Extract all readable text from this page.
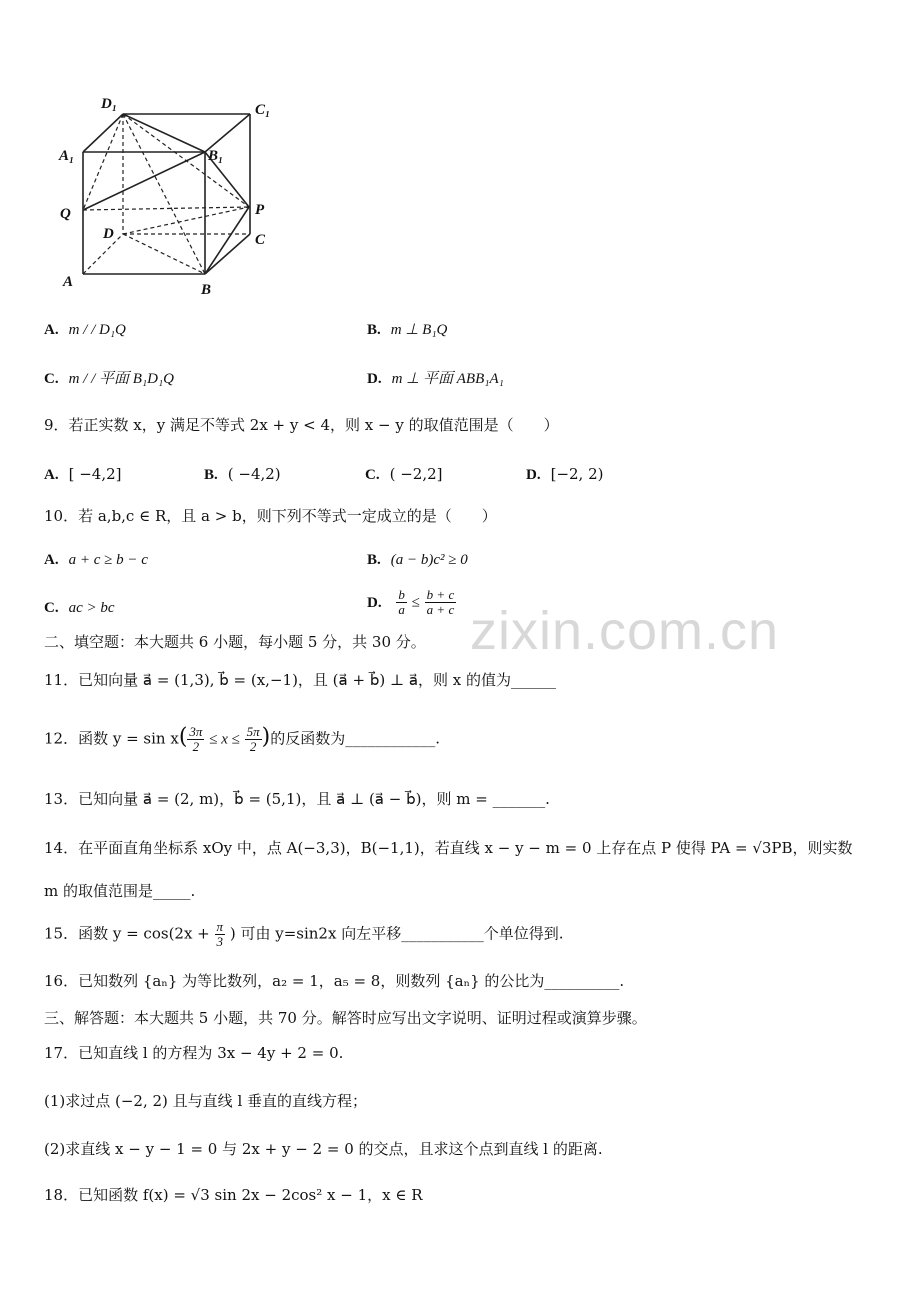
D₁	C₁
A₁	B₁
Q	P
D	C
A	B
A. m / / D₁Q	B. m ⊥ B₁Q
C. m / / 平面 B₁D₁Q	D. m ⊥ 平面 ABB₁A₁
9．若正实数 x，y 满足不等式 2x + y < 4，则 x − y 的取值范围是（　　）
A. [ −4,2]	B. ( −4,2)	C. ( −2,2]	D. [−2, 2)
10．若 a,b,c ∈ R，且 a > b，则下列不等式一定成立的是（　　）
A. a + c ≥ b − c	B. (a − b)c² ≥ 0
C. ac > bc	D. $\frac{b}{a} \le \frac{b + c}{a + c}$ zixin.com.cn
二、填空题：本大题共 6 小题，每小题 5 分，共 30 分。
11．已知向量 a⃗ = (1,3), b⃗ = (x,−1)，且 (a⃗ + b⃗) ⊥ a⃗，则 x 的值为______
12．函数 $y = \sin x( \frac{3\pi}{2} \le x \le \frac{5\pi}{2}$ )的反函数为____________.
13．已知向量 a⃗ = (2, m)，b⃗ = (5,1)，且 a⃗ ⊥ (a⃗ − b⃗)，则 m = _______.
14．在平面直角坐标系 xOy 中，点 A(−3,3)，B(−1,1)，若直线 x − y − m = 0 上存在点 P 使得 PA = √3PB，则实数
m 的取值范围是_____.
15．函数 $y = \cos(2x + \frac{\pi}{3}$ ) 可由 y=sin2x 向左平移___________个单位得到.
16．已知数列 {aₙ} 为等比数列，a₂ = 1，a₅ = 8，则数列 {aₙ} 的公比为__________.
三、解答题：本大题共 5 小题，共 70 分。解答时应写出文字说明、证明过程或演算步骤。
17．已知直线 l 的方程为 3x − 4y + 2 = 0.
(1)求过点 (−2, 2) 且与直线 l 垂直的直线方程；
(2)求直线 x − y − 1 = 0 与 2x + y − 2 = 0 的交点，且求这个点到直线 l 的距离.
18．已知函数 f(x) = √3 sin 2x − 2cos² x − 1，x ∈ R
